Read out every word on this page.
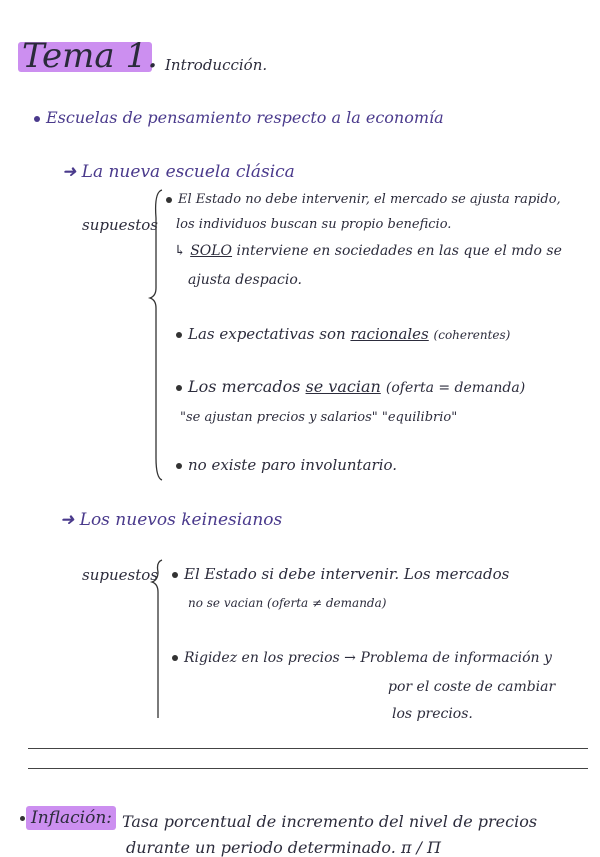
Tema 1. Introducción.
Escuelas de pensamiento respecto a la economía
➜ La nueva escuela clásica
supuestos
El Estado no debe intervenir, el mercado se ajusta rapido,
los individuos buscan su propio beneficio.
↳ SOLO interviene en sociedades en las que el mdo se
ajusta despacio.
Las expectativas son racionales (coherentes)
Los mercados se vacian (oferta = demanda)
"se ajustan precios y salarios" "equilibrio"
no existe paro involuntario.
➜ Los nuevos keinesianos
supuestos	El Estado si debe intervenir. Los mercados
no se vacian (oferta ≠ demanda)
Rigidez en los precios → Problema de información y
por el coste de cambiar
los precios.
Inflación: Tasa porcentual de incremento del nivel de precios
durante un periodo determinado. π ∕ Π
